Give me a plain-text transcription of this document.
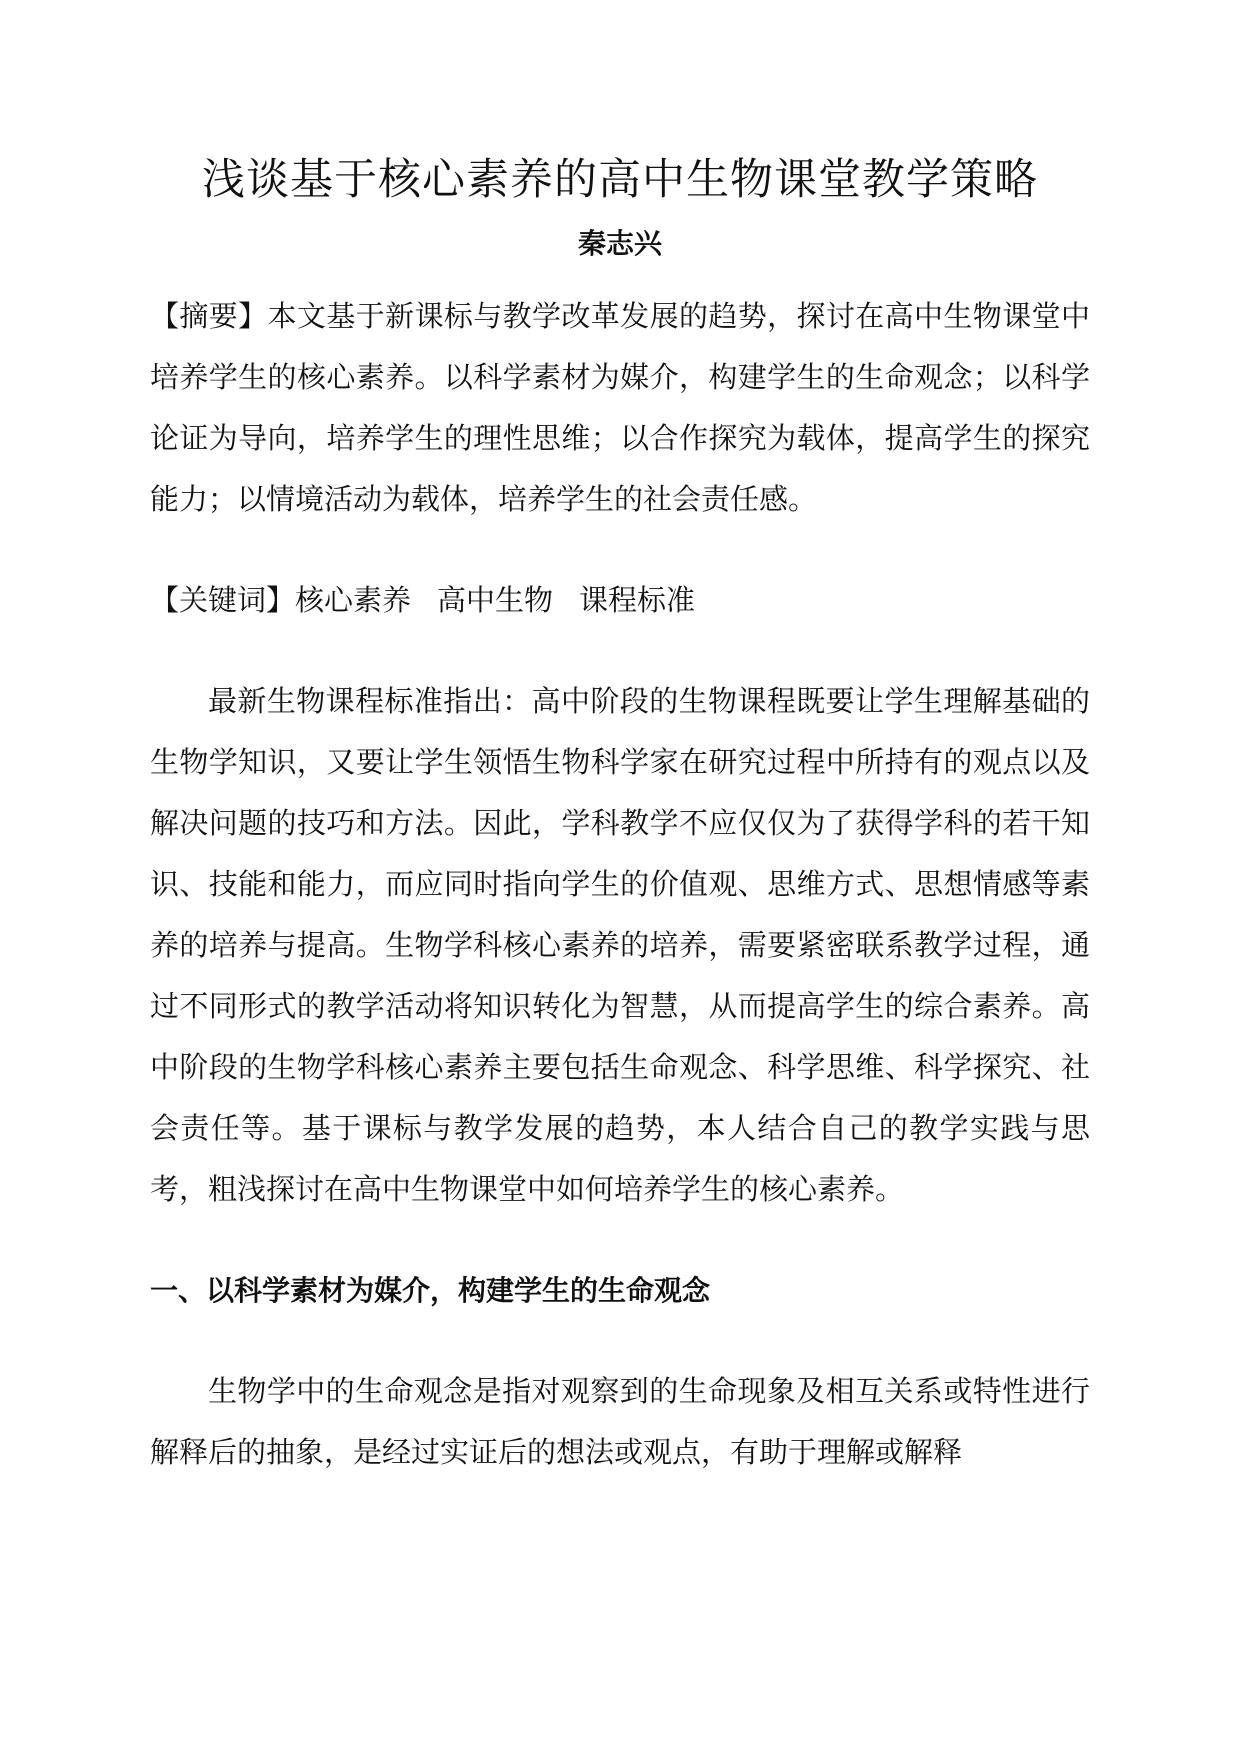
浅谈基于核心素养的高中生物课堂教学策略
秦志兴
【摘要】本文基于新课标与教学改革发展的趋势，探讨在高中生物课堂中培养学生的核心素养。以科学素材为媒介，构建学生的生命观念；以科学论证为导向，培养学生的理性思维；以合作探究为载体，提高学生的探究能力；以情境活动为载体，培养学生的社会责任感。
【关键词】核心素养 高中生物 课程标准

最新生物课程标准指出：高中阶段的生物课程既要让学生理解基础的生物学知识，又要让学生领悟生物科学家在研究过程中所持有的观点以及解决问题的技巧和方法。因此，学科教学不应仅仅为了获得学科的若干知识、技能和能力，而应同时指向学生的价值观、思维方式、思想情感等素养的培养与提高。生物学科核心素养的培养，需要紧密联系教学过程，通过不同形式的教学活动将知识转化为智慧，从而提高学生的综合素养。高中阶段的生物学科核心素养主要包括生命观念、科学思维、科学探究、社会责任等。基于课标与教学发展的趋势，本人结合自己的教学实践与思考，粗浅探讨在高中生物课堂中如何培养学生的核心素养。

一、以科学素材为媒介，构建学生的生命观念

生物学中的生命观念是指对观察到的生命现象及相互关系或特性进行解释后的抽象，是经过实证后的想法或观点，有助于理解或解释
